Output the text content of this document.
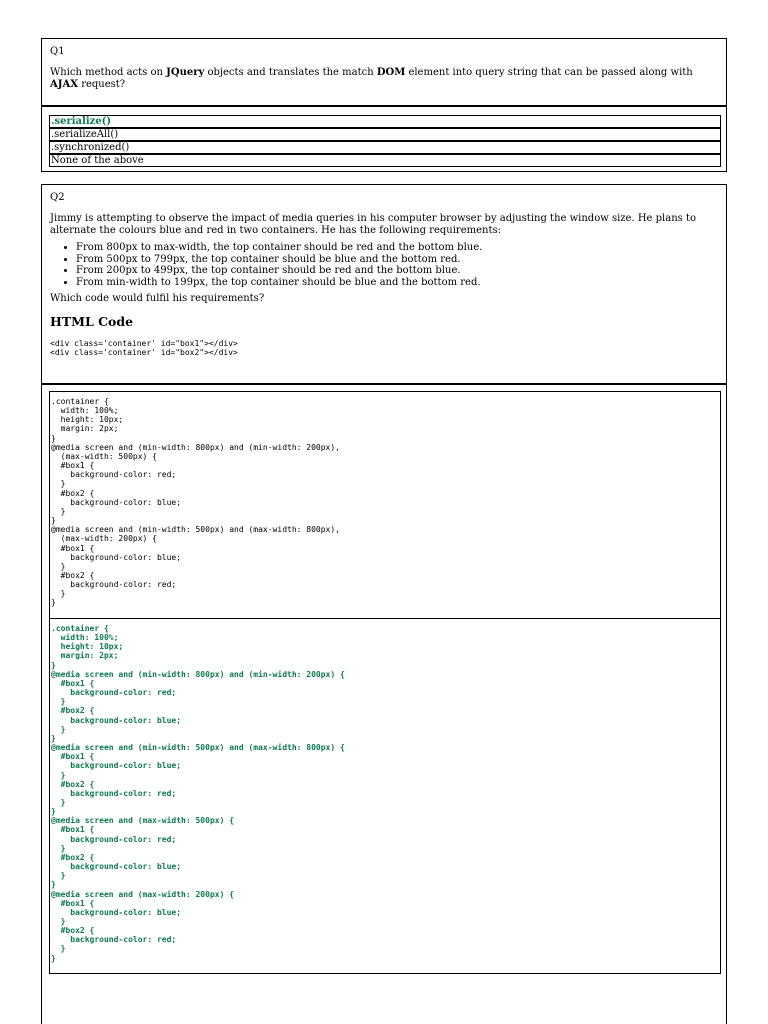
Q1

Which method acts on JQuery objects and translates the match DOM element into query string that can be passed along with AJAX request?

.serialize()
.serializeAll()
.synchronized()
None of the above

Q2

Jimmy is attempting to observe the impact of media queries in his computer browser by adjusting the window size. He plans to alternate the colours blue and red in two containers. He has the following requirements:

• From 800px to max-width, the top container should be red and the bottom blue.
• From 500px to 799px, the top container should be blue and the bottom red.
• From 200px to 499px, the top container should be red and the bottom blue.
• From min-width to 199px, the top container should be blue and the bottom red.

Which code would fulfil his requirements?

HTML Code
<div class='container' id="box1"></div>
<div class='container' id="box2"></div>
.container {
width: 100%;
height: 10px;
margin: 2px;
}
@media screen and (min-width: 800px) and (min-width: 200px),
(max-width: 500px) {
#box1 {
background-color: red;
}
#box2 {
background-color: blue;
}
}
@media screen and (min-width: 500px) and (max-width: 800px),
(max-width: 200px) {
#box1 {
background-color: blue;
}
#box2 {
background-color: red;
}
}
.container {
width: 100%;
height: 10px;
margin: 2px;
}
@media screen and (min-width: 800px) and (min-width: 200px) {
#box1 {
background-color: red;
}
#box2 {
background-color: blue;
}
}
@media screen and (min-width: 500px) and (max-width: 800px) {
#box1 {
background-color: blue;
}
#box2 {
background-color: red;
}
}
@media screen and (max-width: 500px) {
#box1 {
background-color: red;
}
#box2 {
background-color: blue;
}
}
@media screen and (max-width: 200px) {
#box1 {
background-color: blue;
}
#box2 {
background-color: red;
}
}
